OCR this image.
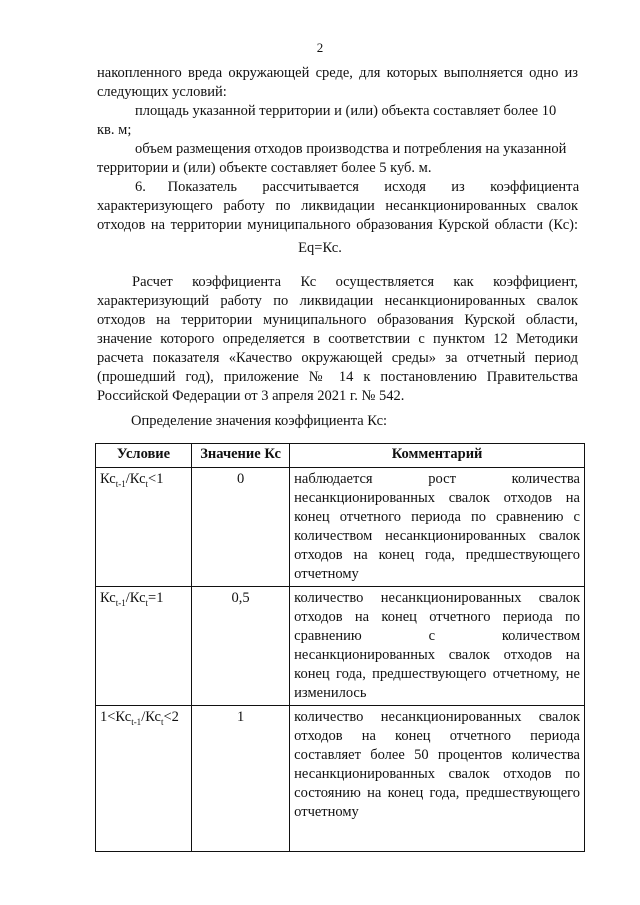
2
накопленного вреда окружающей среде, для которых выполняется одно из
следующих условий:
площадь указанной территории и (или) объекта составляет более 10
кв. м;
объем размещения отходов производства и потребления на указанной
территории и (или) объекте составляет более 5 куб. м.
6.      Показатель       рассчитывается       исходя       из       коэффициента
характеризующего работу по ликвидации несанкционированных свалок
отходов на территории муниципального образования Курской области (Кс):
Eq=Кс.
Расчет коэффициента Кс осуществляется как коэффициент,
характеризующий работу по ликвидации несанкционированных свалок
отходов на территории муниципального образования Курской области,
значение которого определяется в соответствии с пунктом 12 Методики
расчета показателя «Качество окружающей среды» за отчетный период
(прошедший год), приложение № 14 к постановлению Правительства
Российской Федерации от 3 апреля 2021 г. № 542.
Определение значения коэффициента Кс:
Условие	Значение Кс	Комментарий
$Кс_{t-1}/Кс_t<1$	0	наблюдается рост количества несанкционированных свалок отходов на конец отчетного периода по сравнению с количеством несанкционированных свалок отходов на конец года, предшествующего отчетному
$Кс_{t-1}/Кс_t=1$	0,5	количество несанкционированных свалок отходов на конец отчетного периода по сравнению с количеством несанкционированных свалок отходов на конец года, предшествующего отчетному, не изменилось
$1<Кс_{t-1}/Кс_t<2$	1	количество несанкционированных свалок отходов на конец отчетного периода составляет более 50 процентов количества несанкционированных свалок отходов по состоянию на конец года, предшествующего отчетному
